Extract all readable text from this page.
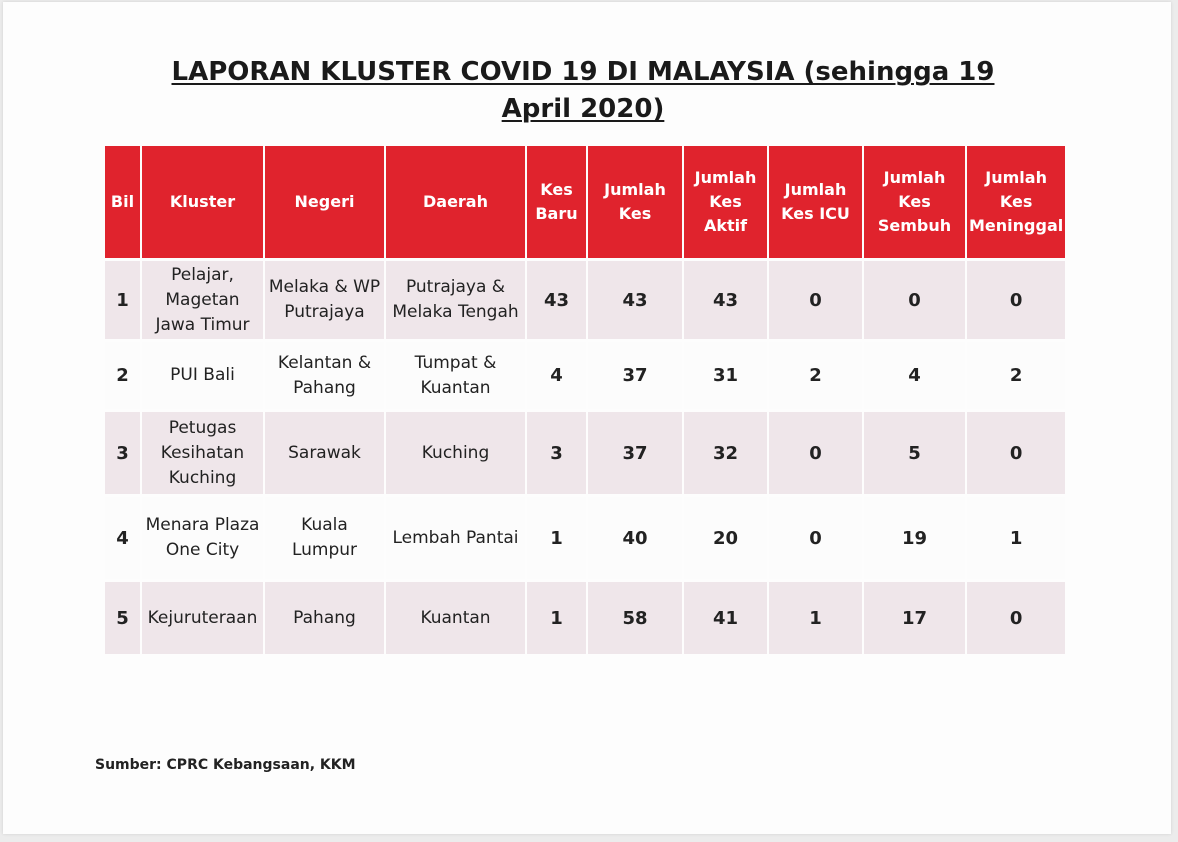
LAPORAN KLUSTER COVID 19 DI MALAYSIA (sehingga 19
April 2020)
Bil	Kluster	Negeri	Daerah	Kes Baru	Jumlah Kes	Jumlah Kes Aktif	Jumlah Kes ICU	Jumlah Kes Sembuh	Jumlah Kes Meninggal
1	Pelajar, Magetan Jawa Timur	Melaka & WP Putrajaya	Putrajaya & Melaka Tengah	43	43	43	0	0	0
2	PUI Bali	Kelantan & Pahang	Tumpat & Kuantan	4	37	31	2	4	2
3	Petugas Kesihatan Kuching	Sarawak	Kuching	3	37	32	0	5	0
4	Menara Plaza One City	Kuala Lumpur	Lembah Pantai	1	40	20	0	19	1
5	Kejuruteraan	Pahang	Kuantan	1	58	41	1	17	0
Sumber: CPRC Kebangsaan, KKM
